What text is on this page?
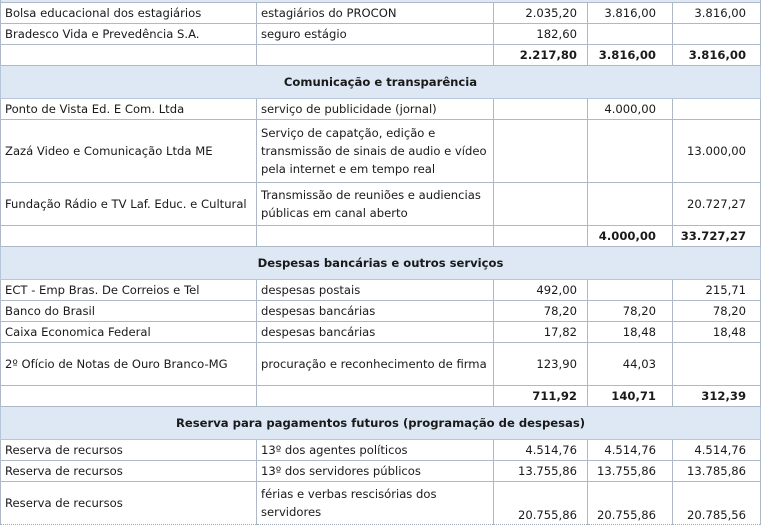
Bolsa educacional dos estagiários	estagiários do PROCON	2.035,20	3.816,00	3.816,00
Bradesco Vida e Prevedência S.A.	seguro estágio	182,60		
		2.217,80	3.816,00	3.816,00
Comunicação e transparência				
Ponto de Vista Ed. E Com. Ltda	serviço de publicidade (jornal)		4.000,00	
Zazá Video e Comunicação Ltda ME	Serviço de capatção, edição e transmissão de sinais de audio e vídeo pela internet e em tempo real			13.000,00
Fundação Rádio e TV Laf. Educ. e Cultural	Transmissão de reuniões e audiencias públicas em canal aberto			20.727,27
			4.000,00	33.727,27
Despesas bancárias e outros serviços				
ECT - Emp Bras. De Correios e Tel	despesas postais	492,00		215,71
Banco do Brasil	despesas bancárias	78,20	78,20	78,20
Caixa Economica Federal	despesas bancárias	17,82	18,48	18,48
2º Ofício de Notas de Ouro Branco-MG	procuração e reconhecimento de firma	123,90	44,03	
		711,92	140,71	312,39
Reserva para pagamentos futuros (programação de despesas)				
Reserva de recursos	13º dos agentes políticos	4.514,76	4.514,76	4.514,76
Reserva de recursos	13º dos servidores públicos	13.755,86	13.755,86	13.785,86
Reserva de recursos	férias e verbas rescisórias dos servidores	20.755,86	20.755,86	20.785,56
